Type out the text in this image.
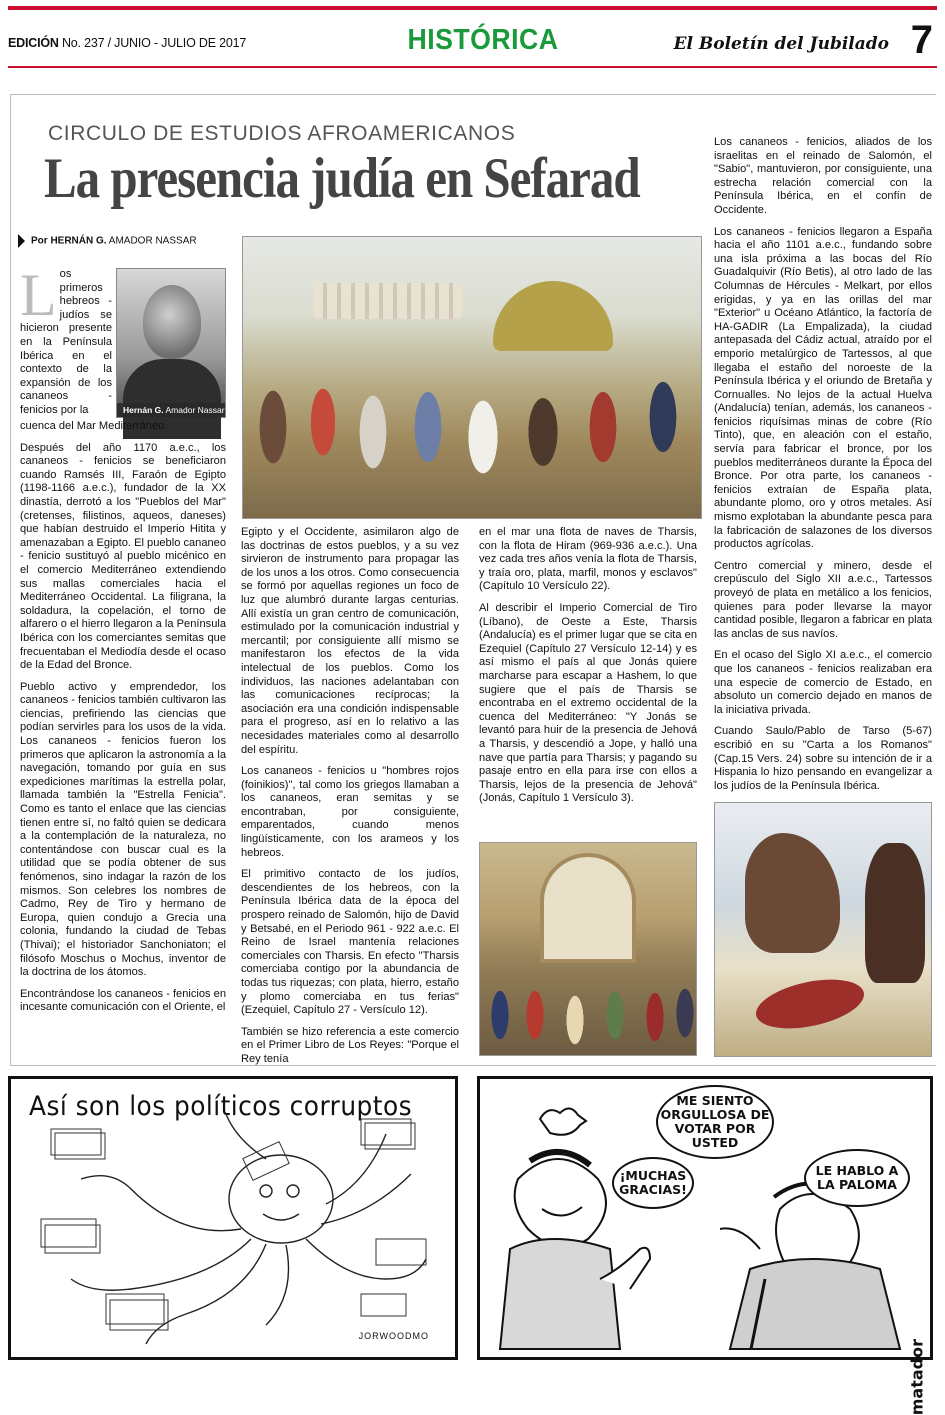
EDICIÓN No. 237 / JUNIO - JULIO DE 2017	HISTÓRICA	El Boletín del Jubilado 7
CIRCULO DE ESTUDIOS AFROAMERICANOS
La presencia judía en Sefarad
Por HERNÁN G. AMADOR NASSAR
Hernán G. Amador Nassar
Los primeros hebreos - judíos se hicieron presente en la Península Ibérica en el contexto de la expansión de los cananeos - fenicios por la

cuenca del Mar Mediterráneo.

Después del año 1170 a.e.c., los cananeos - fenicios se beneficiaron cuando Ramsés III, Faraón de Egipto (1198-1166 a.e.c.), fundador de la XX dinastía, derrotó a los "Pueblos del Mar" (cretenses, filistinos, aqueos, daneses) que habían destruido el Imperio Hitita y amenazaban a Egipto. El pueblo cananeo - fenicio sustituyó al pueblo micénico en el comercio Mediterráneo extendiendo sus mallas comerciales hacia el Mediterráneo Occidental. La filigrana, la soldadura, la copelación, el torno de alfarero o el hierro llegaron a la Península Ibérica con los comerciantes semitas que frecuentaban el Mediodía desde el ocaso de la Edad del Bronce.

Pueblo activo y emprendedor, los cananeos - fenicios también cultivaron las ciencias, prefiriendo las ciencias que podían servirles para los usos de la vida. Los cananeos - fenicios fueron los primeros que aplicaron la astronomía a la navegación, tomando por guía en sus expediciones marítimas la estrella polar, llamada también la "Estrella Fenicia". Como es tanto el enlace que las ciencias tienen entre sí, no faltó quien se dedicara a la contemplación de la naturaleza, no contentándose con buscar cual es la utilidad que se podía obtener de sus fenómenos, sino indagar la razón de los mismos. Son celebres los nombres de Cadmo, Rey de Tiro y hermano de Europa, quien condujo a Grecia una colonia, fundando la ciudad de Tebas (Thivai); el historiador Sanchoniaton; el filósofo Moschus o Mochus, inventor de la doctrina de los átomos.

Encontrándose los cananeos - fenicios en incesante comunicación con el Oriente, el

Egipto y el Occidente, asimilaron algo de las doctrinas de estos pueblos, y a su vez sirvieron de instrumento para propagar las de los unos a los otros. Como consecuencia se formó por aquellas regiones un foco de luz que alumbró durante largas centurias. Allí existía un gran centro de comunicación, estimulado por la comunicación industrial y mercantil; por consiguiente allí mismo se manifestaron los efectos de la vida intelectual de los pueblos. Como los individuos, las naciones adelantaban con las comunicaciones recíprocas; la asociación era una condición indispensable para el progreso, así en lo relativo a las necesidades materiales como al desarrollo del espíritu.

Los cananeos - fenicios u "hombres rojos (foinikios)", tal como los griegos llamaban a los cananeos, eran semitas y se encontraban, por consiguiente, emparentados, cuando menos lingüísticamente, con los arameos y los hebreos.

El primitivo contacto de los judíos, descendientes de los hebreos, con la Península Ibérica data de la época del prospero reinado de Salomón, hijo de David y Betsabé, en el Periodo 961 - 922 a.e.c. El Reino de Israel mantenía relaciones comerciales con Tharsis. En efecto "Tharsis comerciaba contigo por la abundancia de todas tus riquezas; con plata, hierro, estaño y plomo comerciaba en tus ferias" (Ezequiel, Capítulo 27 - Versículo 12).

También se hizo referencia a este comercio en el Primer Libro de Los Reyes: "Porque el Rey tenía

en el mar una flota de naves de Tharsis, con la flota de Hiram (969-936 a.e.c.). Una vez cada tres años venía la flota de Tharsis, y traía oro, plata, marfil, monos y esclavos" (Capítulo 10 Versículo 22).

Al describir el Imperio Comercial de Tiro (Líbano), de Oeste a Este, Tharsis (Andalucía) es el primer lugar que se cita en Ezequiel (Capítulo 27 Versículo 12-14) y es así mismo el país al que Jonás quiere marcharse para escapar a Hashem, lo que sugiere que el país de Tharsis se encontraba en el extremo occidental de la cuenca del Mediterráneo: "Y Jonás se levantó para huir de la presencia de Jehová a Tharsis, y descendió a Jope, y halló una nave que partía para Tharsis; y pagando su pasaje entro en ella para irse con ellos a Tharsis, lejos de la presencia de Jehová" (Jonás, Capítulo 1 Versículo 3).

Los cananeos - fenicios, aliados de los israelitas en el reinado de Salomón, el "Sabio", mantuvieron, por consiguiente, una estrecha relación comercial con la Península Ibérica, en el confín de Occidente.

Los cananeos - fenicios llegaron a España hacia el año 1101 a.e.c., fundando sobre una isla próxima a las bocas del Río Guadalquivir (Río Betis), al otro lado de las Columnas de Hércules - Melkart, por ellos erigidas, y ya en las orillas del mar "Exterior" u Océano Atlántico, la factoría de HA-GADIR (La Empalizada), la ciudad antepasada del Cádiz actual, atraído por el emporio metalúrgico de Tartessos, al que llegaba el estaño del noroeste de la Península Ibérica y el oriundo de Bretaña y Cornualles. No lejos de la actual Huelva (Andalucía) tenían, además, los cananeos - fenicios riquísimas minas de cobre (Río Tinto), que, en aleación con el estaño, servía para fabricar el bronce, por los pueblos mediterráneos durante la Época del Bronce. Por otra parte, los cananeos - fenicios extraían de España plata, abundante plomo, oro y otros metales. Así mismo explotaban la abundante pesca para la fabricación de salazones de los diversos productos agrícolas.

Centro comercial y minero, desde el crepúsculo del Siglo XII a.e.c., Tartessos proveyó de plata en metálico a los fenicios, quienes para poder llevarse la mayor cantidad posible, llegaron a fabricar en plata las anclas de sus navíos.

En el ocaso del Siglo XI a.e.c., el comercio que los cananeos - fenicios realizaban era una especie de comercio de Estado, en absoluto un comercio dejado en manos de la iniciativa privada.

Cuando Saulo/Pablo de Tarso (5-67) escribió en su "Carta a los Romanos" (Cap.15 Vers. 24) sobre su intención de ir a Hispania lo hizo pensando en evangelizar a los judíos de la Península Ibérica.

Así son los políticos corruptos
JORWOODMO
ME SIENTO ORGULLOSA DE VOTAR POR USTED
¡MUCHAS GRACIAS!
LE HABLO A LA PALOMA
matador
